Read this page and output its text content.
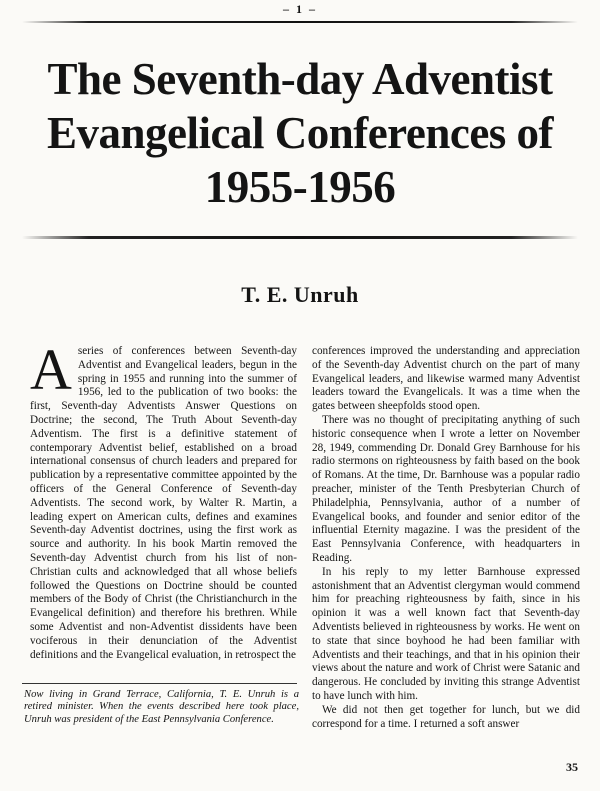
– 1 –
The Seventh-day Adventist
Evangelical Conferences of
1955-1956
T. E. Unruh

Aseries of conferences between Seventh-day Adventist and Evangelical leaders, begun in the spring in 1955 and running into the summer of 1956, led to the publication of two books: the first, Seventh-day Adventists Answer Questions on Doctrine; the second, The Truth About Seventh-day Adventism. The first is a definitive statement of contemporary Adventist belief, established on a broad international consensus of church leaders and prepared for publication by a representative committee appointed by the officers of the General Conference of Seventh-day Adventists. The second work, by Walter R. Martin, a leading expert on American cults, defines and examines Seventh-day Adventist doctrines, using the first work as source and authority. In his book Martin removed the Seventh-day Adventist church from his list of non-Christian cults and acknowledged that all whose beliefs followed the Questions on Doctrine should be counted members of the Body of Christ (the Christianchurch in the Evangelical definition) and therefore his brethren. While some Adventist and non-Adventist dissidents have been vociferous in their denunciation of the Adventist definitions and the Evangelical evaluation, in retrospect the

conferences improved the understanding and appreciation of the Seventh-day Adventist church on the part of many Evangelical leaders, and likewise warmed many Adventist leaders toward the Evangelicals. It was a time when the gates between sheepfolds stood open.

There was no thought of precipitating anything of such historic consequence when I wrote a letter on November 28, 1949, commending Dr. Donald Grey Barnhouse for his radio stermons on righteousness by faith based on the book of Romans. At the time, Dr. Barnhouse was a popular radio preacher, minister of the Tenth Presbyterian Church of Philadelphia, Pennsylvania, author of a number of Evangelical books, and founder and senior editor of the influential Eternity magazine. I was the president of the East Pennsylvania Conference, with headquarters in Reading.

In his reply to my letter Barnhouse expressed astonishment that an Adventist clergyman would commend him for preaching righteousness by faith, since in his opinion it was a well known fact that Seventh-day Adventists believed in righteousness by works. He went on to state that since boyhood he had been familiar with Adventists and their teachings, and that in his opinion their views about the nature and work of Christ were Satanic and dangerous. He concluded by inviting this strange Adventist to have lunch with him.

We did not then get together for lunch, but we did correspond for a time. I returned a soft answer

Now living in Grand Terrace, California, T. E. Unruh is a retired minister. When the events described here took place, Unruh was president of the East Pennsylvania Conference.
35
